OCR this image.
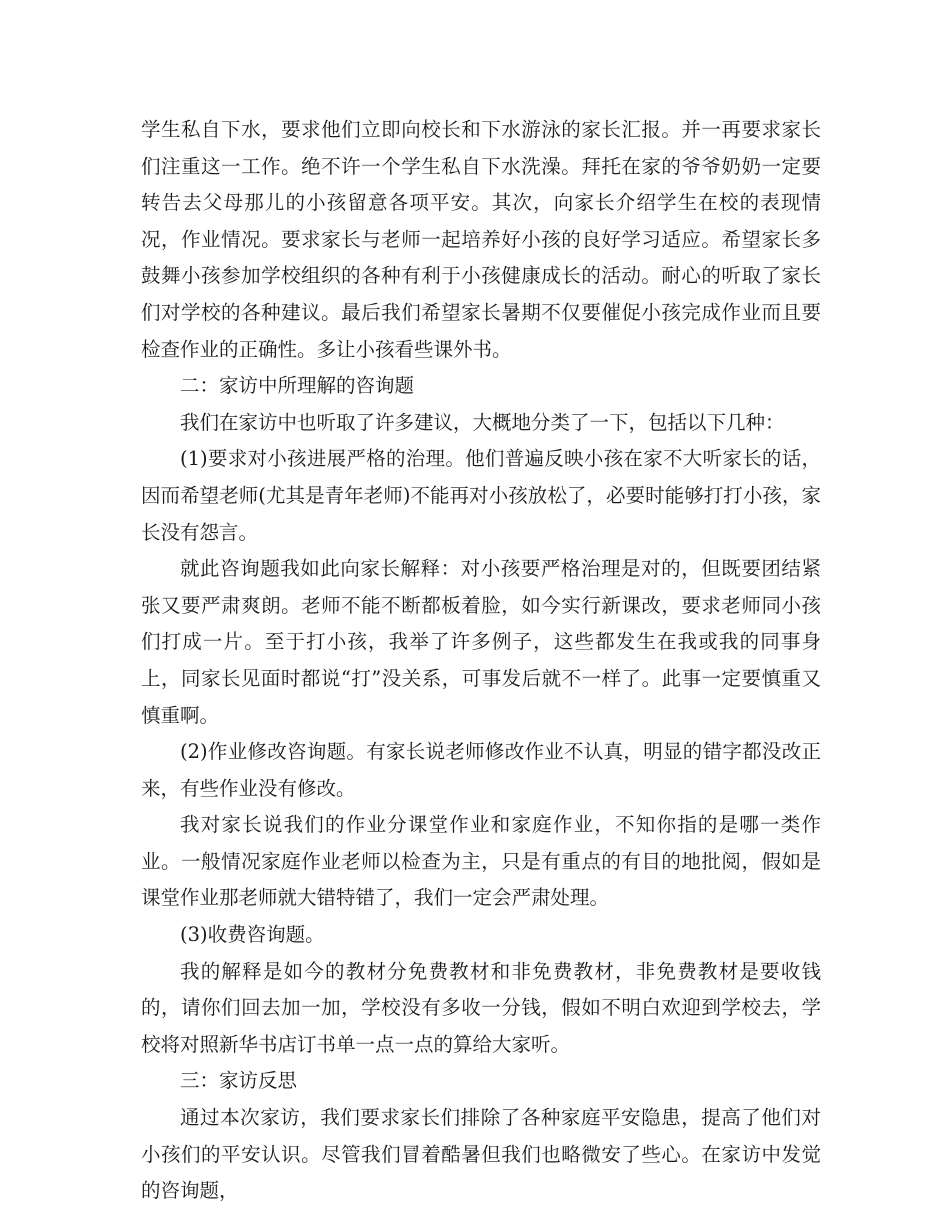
学生私自下水，要求他们立即向校长和下水游泳的家长汇报。并一再要求家长们注重这一工作。绝不许一个学生私自下水洗澡。拜托在家的爷爷奶奶一定要转告去父母那儿的小孩留意各项平安。其次，向家长介绍学生在校的表现情况，作业情况。要求家长与老师一起培养好小孩的良好学习适应。希望家长多鼓舞小孩参加学校组织的各种有利于小孩健康成长的活动。耐心的听取了家长们对学校的各种建议。最后我们希望家长暑期不仅要催促小孩完成作业而且要检查作业的正确性。多让小孩看些课外书。

二：家访中所理解的咨询题

我们在家访中也听取了许多建议，大概地分类了一下，包括以下几种：

(1)要求对小孩进展严格的治理。他们普遍反映小孩在家不大听家长的话，因而希望老师(尤其是青年老师)不能再对小孩放松了，必要时能够打打小孩，家长没有怨言。

就此咨询题我如此向家长解释：对小孩要严格治理是对的，但既要团结紧张又要严肃爽朗。老师不能不断都板着脸，如今实行新课改，要求老师同小孩们打成一片。至于打小孩，我举了许多例子，这些都发生在我或我的同事身上，同家长见面时都说“打”没关系，可事发后就不一样了。此事一定要慎重又慎重啊。

(2)作业修改咨询题。有家长说老师修改作业不认真，明显的错字都没改正来，有些作业没有修改。

我对家长说我们的作业分课堂作业和家庭作业，不知你指的是哪一类作业。一般情况家庭作业老师以检查为主，只是有重点的有目的地批阅，假如是课堂作业那老师就大错特错了，我们一定会严肃处理。

(3)收费咨询题。

我的解释是如今的教材分免费教材和非免费教材，非免费教材是要收钱的，请你们回去加一加，学校没有多收一分钱，假如不明白欢迎到学校去，学校将对照新华书店订书单一点一点的算给大家听。

三：家访反思

通过本次家访，我们要求家长们排除了各种家庭平安隐患，提高了他们对小孩们的平安认识。尽管我们冒着酷暑但我们也略微安了些心。在家访中发觉的咨询题，
